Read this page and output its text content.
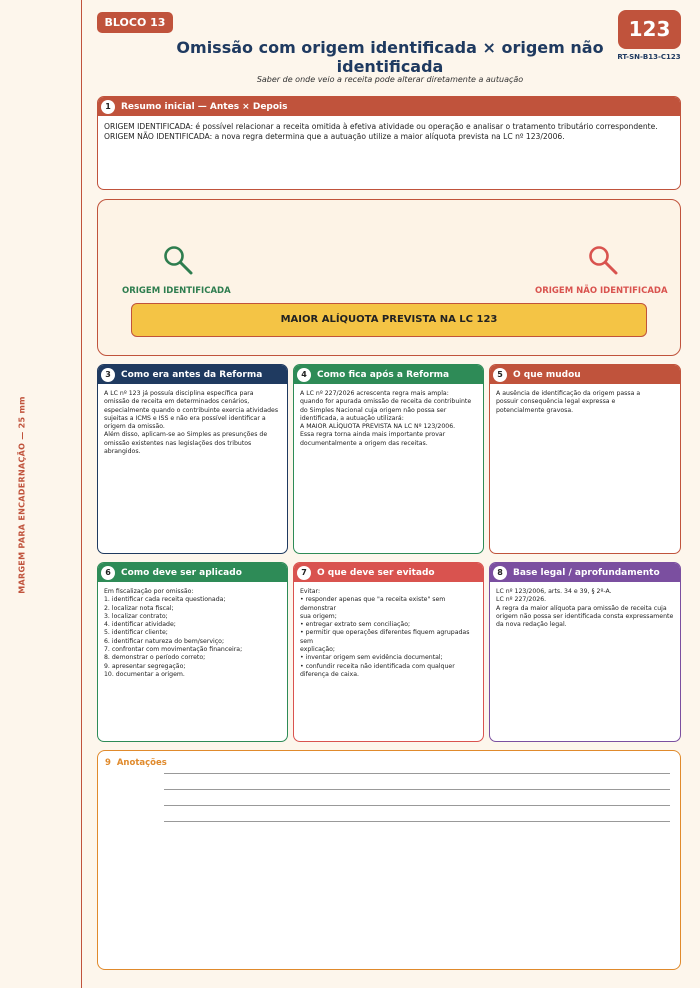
MARGEM PARA ENCADERNAÇÃO — 25 mm
BLOCO 13	123
RT-SN-B13-C123
Omissão com origem identificada × origem não
identificada
Saber de onde veio a receita pode alterar diretamente a autuação
1	Resumo inicial — Antes × Depois

ORIGEM IDENTIFICADA: é possível relacionar a receita omitida à efetiva atividade ou operação e analisar o tratamento tributário correspondente.

ORIGEM NÃO IDENTIFICADA: a nova regra determina que a autuação utilize a maior alíquota prevista na LC nº 123/2006.

ORIGEM IDENTIFICADA	ORIGEM NÃO IDENTIFICADA
MAIOR ALÍQUOTA PREVISTA NA LC 123
3	Como era antes da Reforma

A LC nº 123 já possuía disciplina específica para

omissão de receita em determinados cenários,

especialmente quando o contribuinte exercia atividades

sujeitas a ICMS e ISS e não era possível identificar a

origem da omissão.

Além disso, aplicam-se ao Simples as presunções de

omissão existentes nas legislações dos tributos

abrangidos.

4	Como fica após a Reforma

A LC nº 227/2026 acrescenta regra mais ampla:

quando for apurada omissão de receita de contribuinte

do Simples Nacional cuja origem não possa ser

identificada, a autuação utilizará:

A MAIOR ALÍQUOTA PREVISTA NA LC Nº 123/2006.

Essa regra torna ainda mais importante provar

documentalmente a origem das receitas.

5	O que mudou

A ausência de identificação da origem passa a

possuir consequência legal expressa e

potencialmente gravosa.

6	Como deve ser aplicado

Em fiscalização por omissão:

1. identificar cada receita questionada;

2. localizar nota fiscal;

3. localizar contrato;

4. identificar atividade;

5. identificar cliente;

6. identificar natureza do bem/serviço;

7. confrontar com movimentação financeira;

8. demonstrar o período correto;

9. apresentar segregação;

10. documentar a origem.

7	O que deve ser evitado

Evitar:

• responder apenas que "a receita existe" sem demonstrar

sua origem;

• entregar extrato sem conciliação;

• permitir que operações diferentes fiquem agrupadas sem

explicação;

• inventar origem sem evidência documental;

• confundir receita não identificada com qualquer

diferença de caixa.

8	Base legal / aprofundamento

LC nº 123/2006, arts. 34 e 39, § 2º-A.

LC nº 227/2026.

A regra da maior alíquota para omissão de receita cuja

origem não possa ser identificada consta expressamente

da nova redação legal.

9 Anotações
